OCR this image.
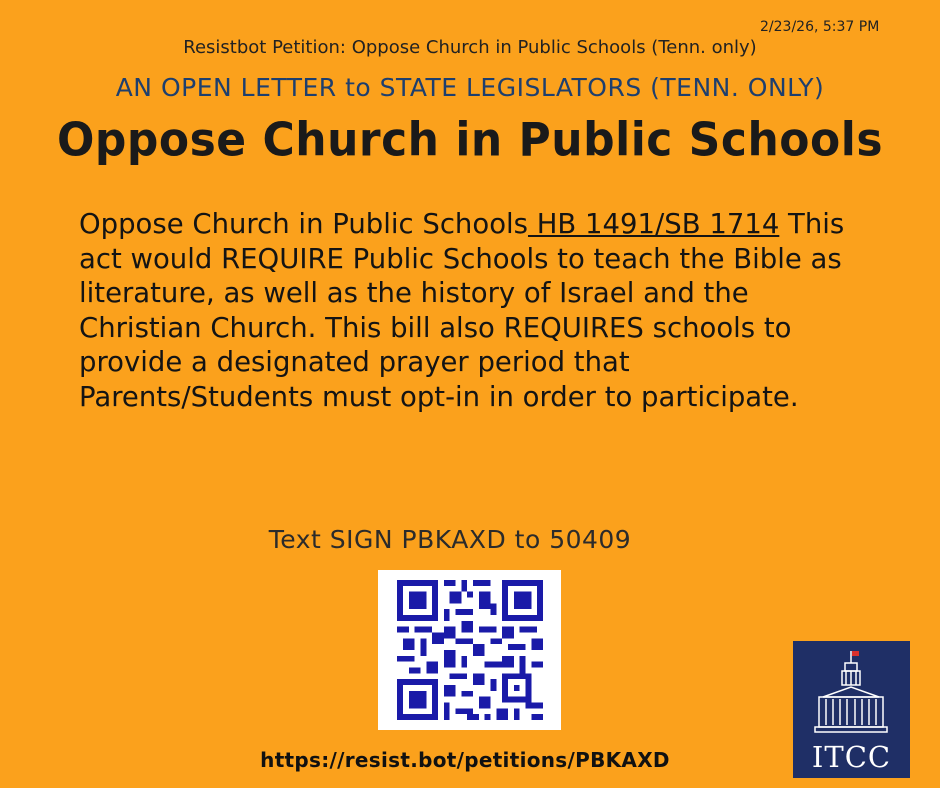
2/23/26, 5:37 PM
Resistbot Petition: Oppose Church in Public Schools (Tenn. only)
AN OPEN LETTER to STATE LEGISLATORS (TENN. ONLY)
Oppose Church in Public Schools
Oppose Church in Public Schools HB 1491/SB 1714 This act would REQUIRE Public Schools to teach the Bible as literature, as well as the history of Israel and the Christian Church. This bill also REQUIRES schools to provide a designated prayer period that Parents/Students must opt-in in order to participate.
Text SIGN PBKAXD to 50409
https://resist.bot/petitions/PBKAXD	ITCC
